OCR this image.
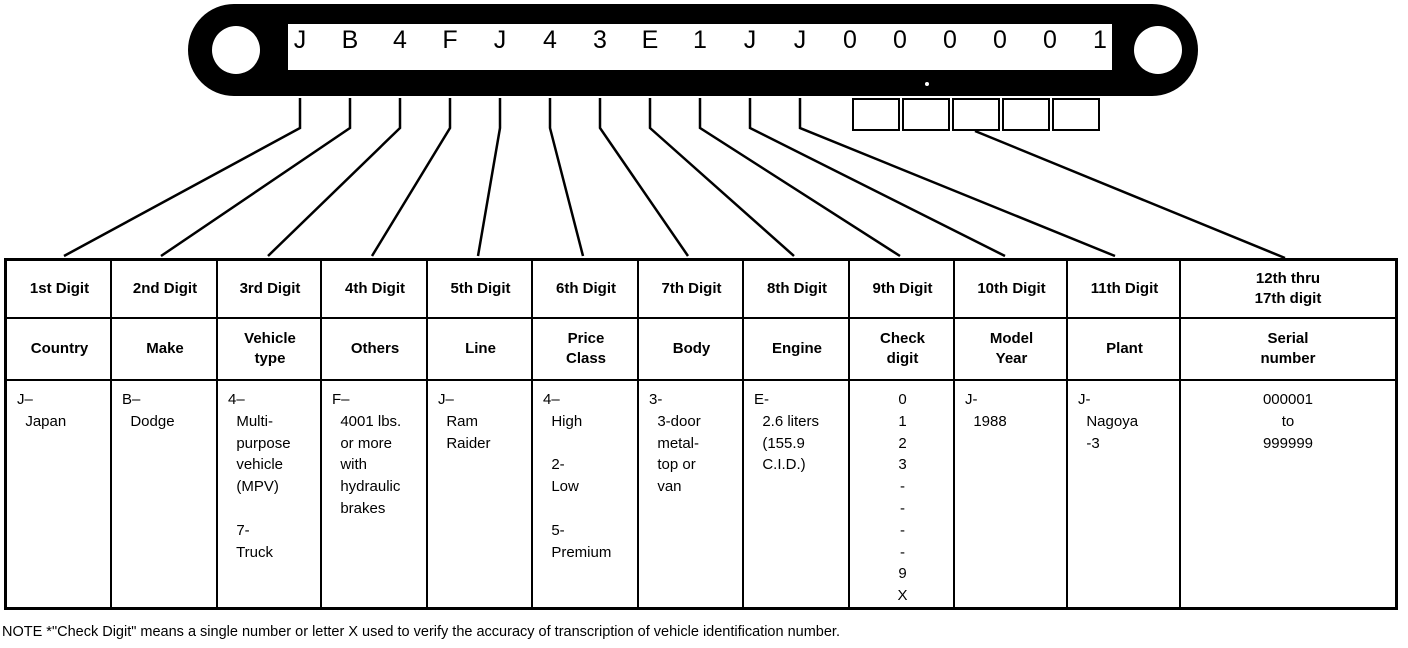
J B 4 F J 4 3 E 1 J J 0 0 0 0 0 1
1st Digit
Country
J–
Japan
2nd Digit
Make
B–
Dodge
3rd Digit
Vehicle
type
4–
Multi-
purpose
vehicle
(MPV)

7-
Truck
4th Digit
Others
F–
4001 lbs.
or more
with
hydraulic
brakes
5th Digit
Line
J–
Ram
Raider
6th Digit
Price
Class
4–
High

2-
Low

5-
Premium
7th Digit
Body
3-
3-door
metal-
top or
van
8th Digit
Engine
E-
2.6 liters
(155.9
C.I.D.)
9th Digit
Check
digit
0
1
2
3
-
-
-
-
9
X
10th Digit
Model
Year
J-
1988
11th Digit
Plant
J-
Nagoya
-3
12th thru
17th digit
Serial
number
000001
to
999999
NOTE *"Check Digit" means a single number or letter X used to verify the accuracy of transcription of vehicle identification number.
